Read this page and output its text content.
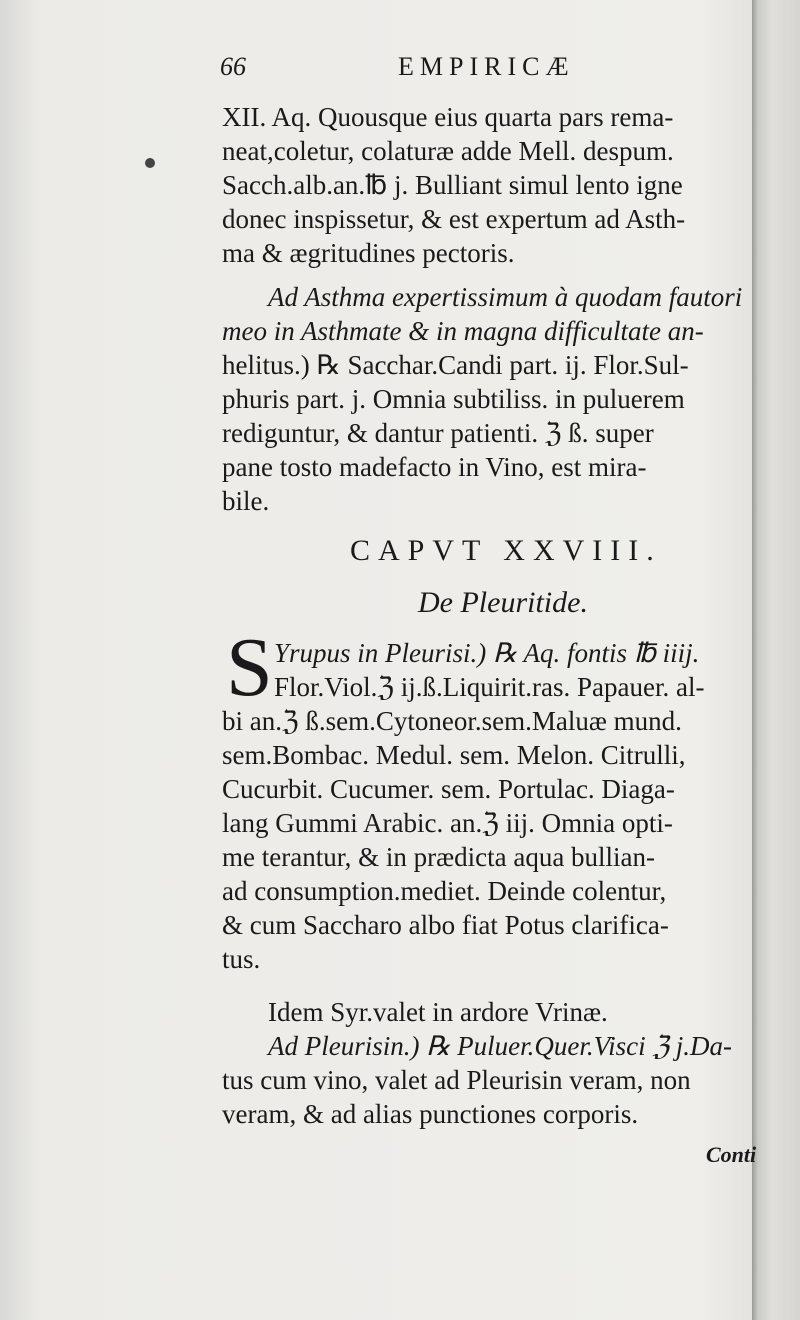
66	EMPIRICÆ
XII. Aq. Quousque eius quarta pars rema-
neat,coletur, colaturæ adde Mell. despum.
Sacch.alb.an.℔ j. Bulliant simul lento igne
donec inspissetur, & est expertum ad Asth-
ma & ægritudines pectoris.
Ad Asthma expertissimum à quodam fautori
meo in Asthmate & in magna difficultate an-
helitus.) ℞ Sacchar.Candi part. ij. Flor.Sul-
phuris part. j. Omnia subtiliss. in puluerem
rediguntur, & dantur patienti. ℨ ß. super
pane tosto madefacto in Vino, est mira-
bile.
CAPVT XXVIII.
De Pleuritide.
S Yrupus in Pleurisi.) ℞ Aq. fontis ℔ iiij.
Flor.Viol.ℨ ij.ß.Liquirit.ras. Papauer. al-
bi an.ℨ ß.sem.Cytoneor.sem.Maluæ mund.
sem.Bombac. Medul. sem. Melon. Citrulli,
Cucurbit. Cucumer. sem. Portulac. Diaga-
lang Gummi Arabic. an.ℨ iij. Omnia opti-
me terantur, & in prædicta aqua bullian-
ad consumption.mediet. Deinde colentur,
& cum Saccharo albo fiat Potus clarifica-
tus.
Idem Syr.valet in ardore Vrinæ.
Ad Pleurisin.) ℞ Puluer.Quer.Visci ℨ j.Da-
tus cum vino, valet ad Pleurisin veram, non
veram, & ad alias punctiones corporis.
Conti
